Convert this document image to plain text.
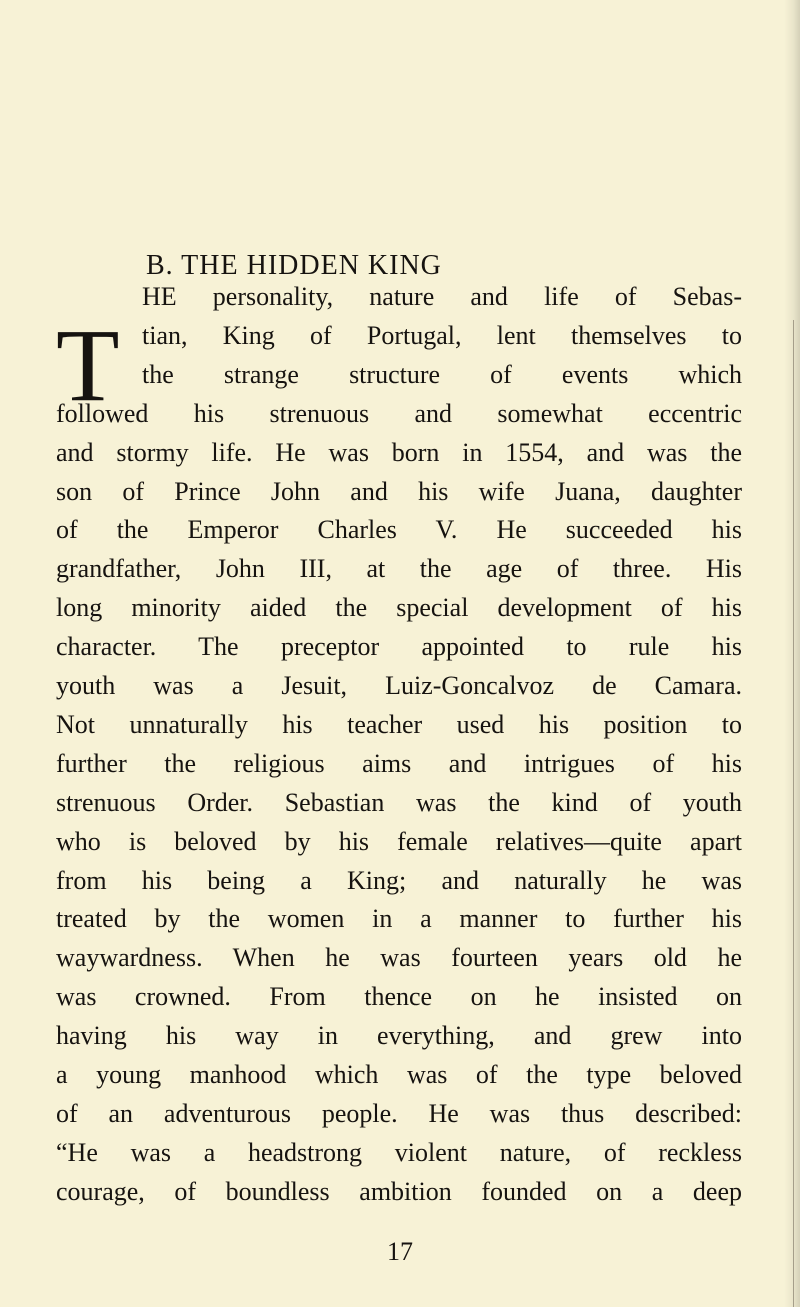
B. THE HIDDEN KING
T
HE personality, nature and life of Sebas-
tian, King of Portugal, lent themselves to
the strange structure of events which
followed his strenuous and somewhat eccentric
and stormy life. He was born in 1554, and was the
son of Prince John and his wife Juana, daughter
of the Emperor Charles V. He succeeded his
grandfather, John III, at the age of three. His
long minority aided the special development of his
character. The preceptor appointed to rule his
youth was a Jesuit, Luiz-Goncalvoz de Camara.
Not unnaturally his teacher used his position to
further the religious aims and intrigues of his
strenuous Order. Sebastian was the kind of youth
who is beloved by his female relatives—quite apart
from his being a King; and naturally he was
treated by the women in a manner to further his
waywardness. When he was fourteen years old he
was crowned. From thence on he insisted on
having his way in everything, and grew into
a young manhood which was of the type beloved
of an adventurous people. He was thus described:
“He was a headstrong violent nature, of reckless
courage, of boundless ambition founded on a deep
17
